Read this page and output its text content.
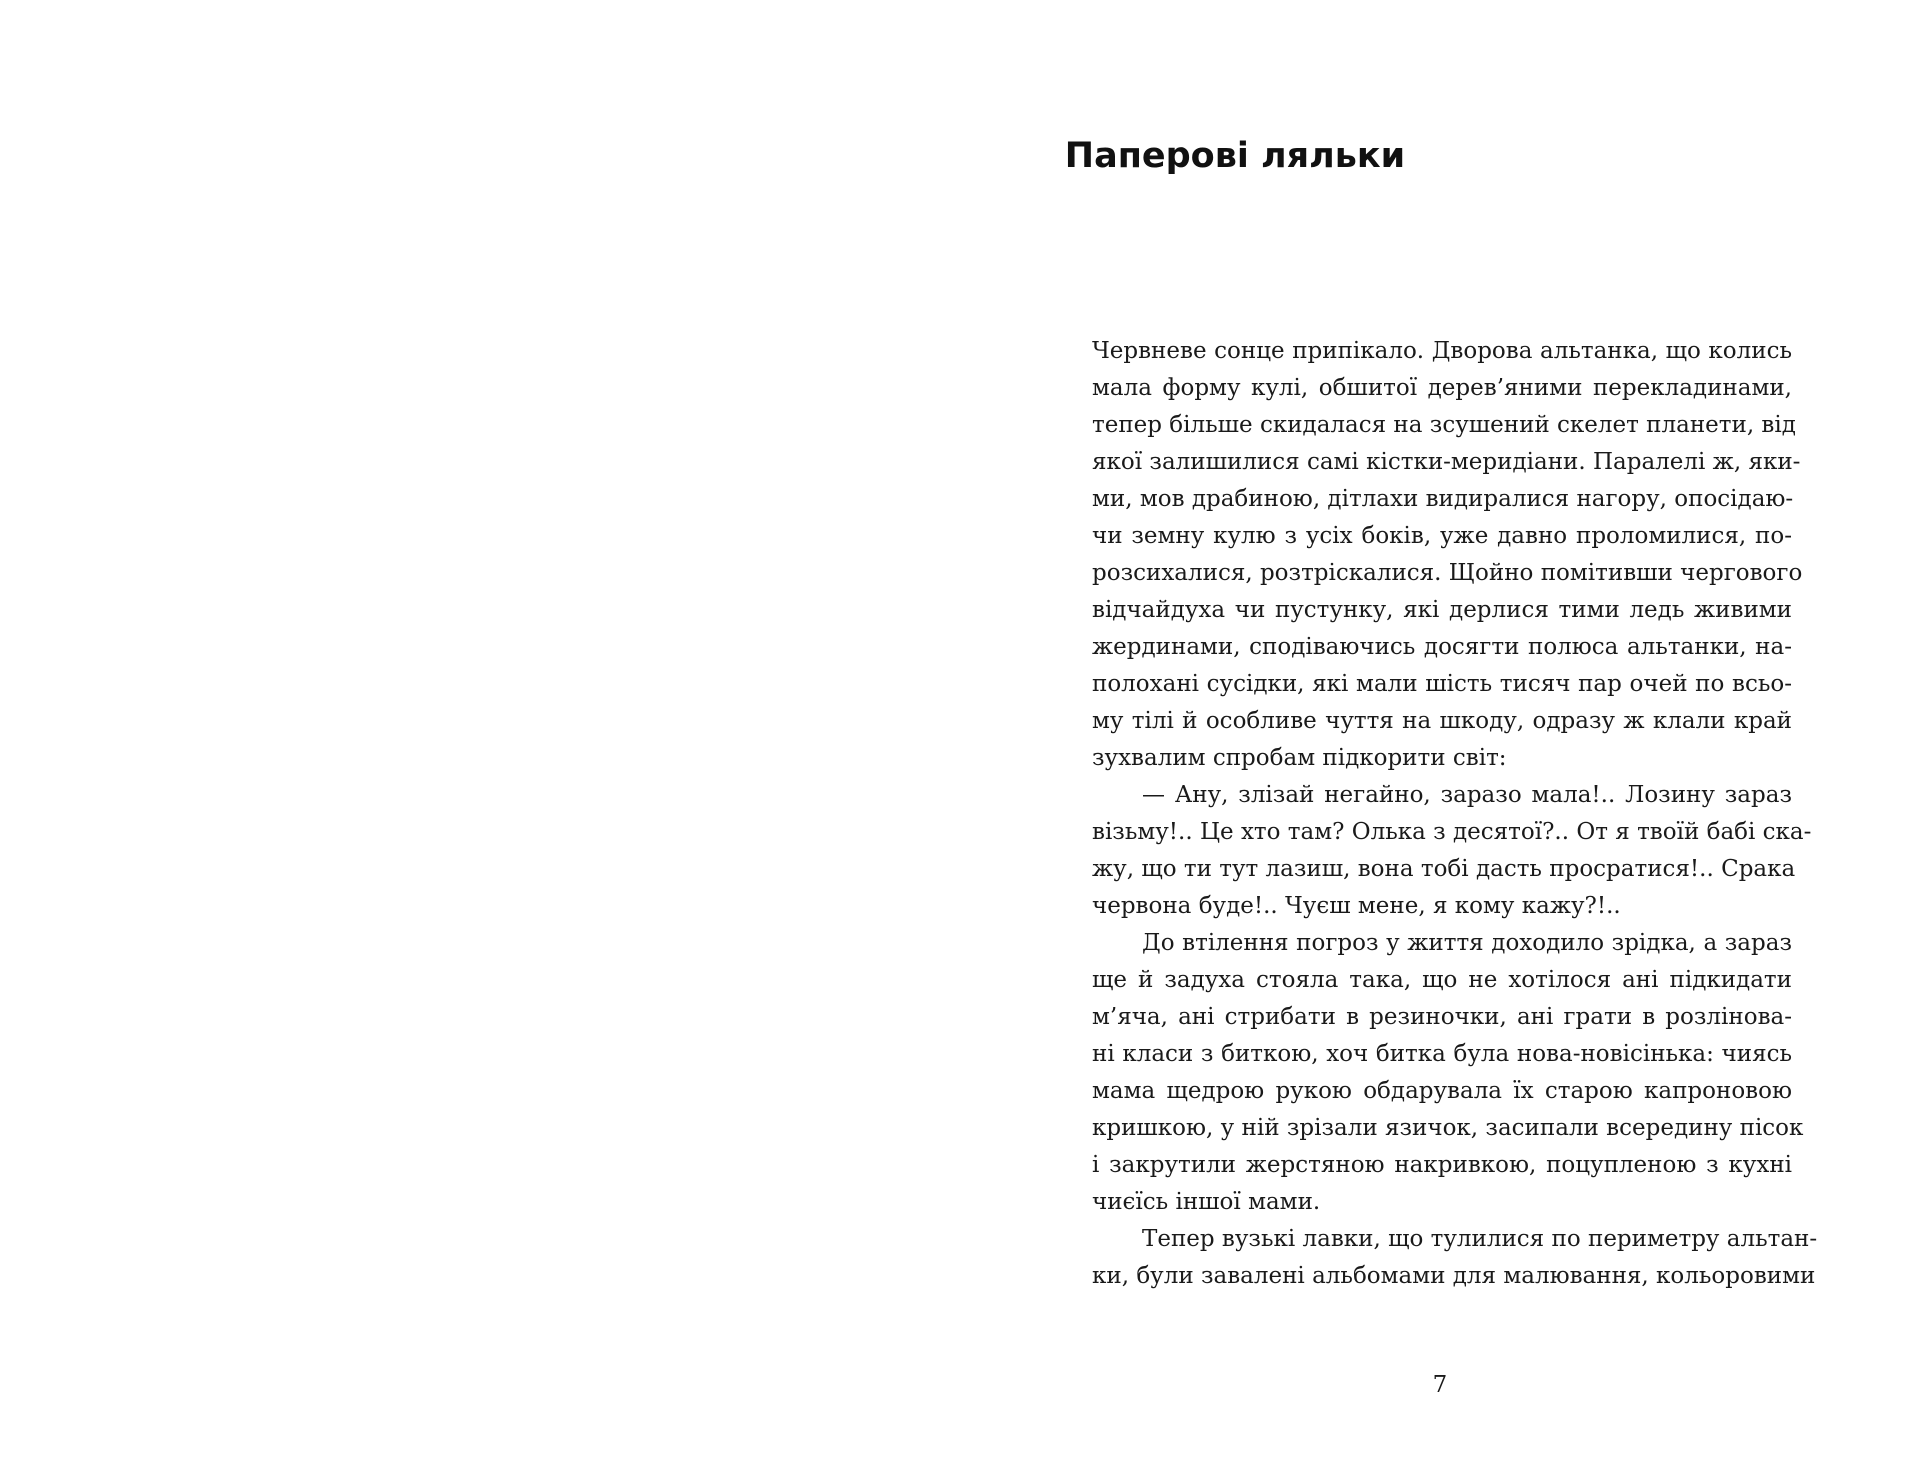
Паперові ляльки
Червневе сонце припікало. Дворова альтанка, що колись
мала форму кулі, обшитої дерев’яними перекладинами,
тепер більше скидалася на зсушений скелет планети, від
якої залишилися самі кістки-меридіани. Паралелі ж, яки-
ми, мов драбиною, дітлахи видиралися нагору, опосідаю-
чи земну кулю з усіх боків, уже давно проломилися, по-
розсихалися, розтріскалися. Щойно помітивши чергового
відчайдуха чи пустунку, які дерлися тими ледь живими
жердинами, сподіваючись досягти полюса альтанки, на-
полохані сусідки, які мали шість тисяч пар очей по всьо-
му тілі й особливе чуття на шкоду, одразу ж клали край
зухвалим спробам підкорити світ:
— Ану, злізай негайно, заразо мала!.. Лозину зараз
візьму!.. Це хто там? Олька з десятої?.. От я твоїй бабі ска-
жу, що ти тут лазиш, вона тобі дасть просратися!.. Срака
червона буде!.. Чуєш мене, я кому кажу?!..
До втілення погроз у життя доходило зрідка, а зараз
ще й задуха стояла така, що не хотілося ані підкидати
м’яча, ані стрибати в резиночки, ані грати в розлінова-
ні класи з биткою, хоч битка була нова-новісінька: чиясь
мама щедрою рукою обдарувала їх старою капроновою
кришкою, у ній зрізали язичок, засипали всередину пісок
і закрутили жерстяною накривкою, поцупленою з кухні
чиєїсь іншої мами.
Тепер вузькі лавки, що тулилися по периметру альтан-
ки, були завалені альбомами для малювання, кольоровими
7
